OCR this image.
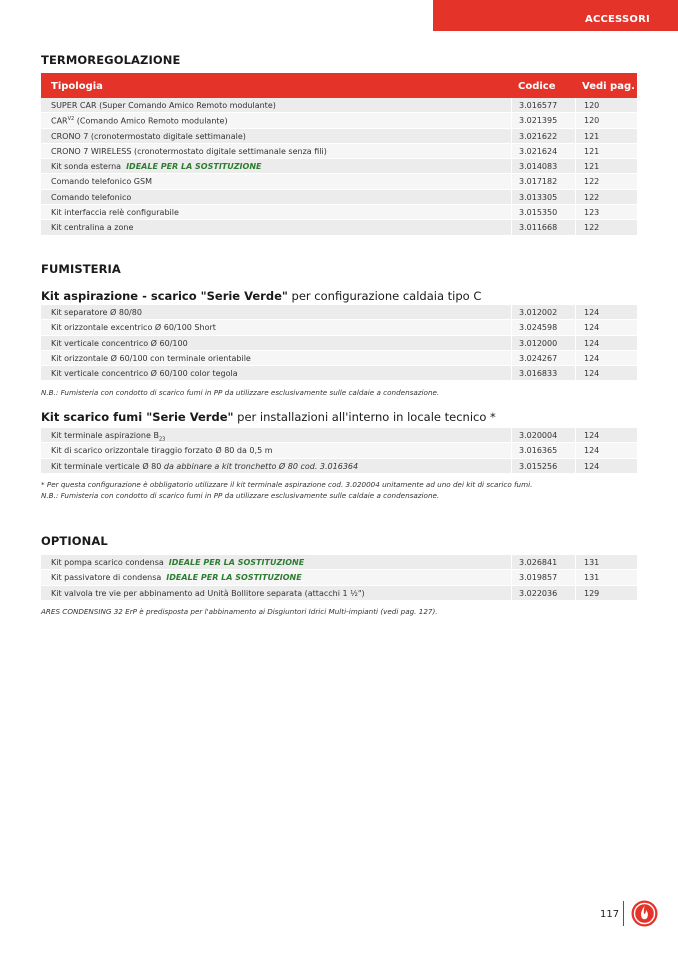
ACCESSORI
TERMOREGOLAZIONE
Tipologia	Codice	Vedi pag.
SUPER CAR (Super Comando Amico Remoto modulante)	3.016577	120
$CAR^{V2}$ (Comando Amico Remoto modulante)	3.021395	120
CRONO 7 (cronotermostato digitale settimanale)	3.021622	121
CRONO 7 WIRELESS (cronotermostato digitale settimanale senza fili)	3.021624	121
Kit sonda esterna IDEALE PER LA SOSTITUZIONE	3.014083	121
Comando telefonico GSM	3.017182	122
Comando telefonico	3.013305	122
Kit interfaccia relè configurabile	3.015350	123
Kit centralina a zone	3.011668	122
FUMISTERIA
Kit aspirazione - scarico "Serie Verde" per configurazione caldaia tipo C
Kit separatore Ø 80/80	3.012002	124
Kit orizzontale excentrico Ø 60/100 Short	3.024598	124
Kit verticale concentrico Ø 60/100	3.012000	124
Kit orizzontale Ø 60/100 con terminale orientabile	3.024267	124
Kit verticale concentrico Ø 60/100 color tegola	3.016833	124
N.B.: Fumisteria con condotto di scarico fumi in PP da utilizzare esclusivamente sulle caldaie a condensazione.
Kit scarico fumi "Serie Verde" per installazioni all'interno in locale tecnico *
Kit terminale aspirazione $B_{23}$	3.020004	124
Kit di scarico orizzontale tiraggio forzato Ø 80 da 0,5 m	3.016365	124
Kit terminale verticale Ø 80 da abbinare a kit tronchetto Ø 80 cod. 3.016364	3.015256	124
* Per questa configurazione è obbligatorio utilizzare il kit terminale aspirazione cod. 3.020004 unitamente ad uno dei kit di scarico fumi.
N.B.: Fumisteria con condotto di scarico fumi in PP da utilizzare esclusivamente sulle caldaie a condensazione.
OPTIONAL
Kit pompa scarico condensa IDEALE PER LA SOSTITUZIONE	3.026841	131
Kit passivatore di condensa IDEALE PER LA SOSTITUZIONE	3.019857	131
Kit valvola tre vie per abbinamento ad Unità Bollitore separata (attacchi 1 ½")	3.022036	129
ARES CONDENSING 32 ErP è predisposta per l'abbinamento ai Disgiuntori Idrici Multi-impianti (vedi pag. 127).
117
